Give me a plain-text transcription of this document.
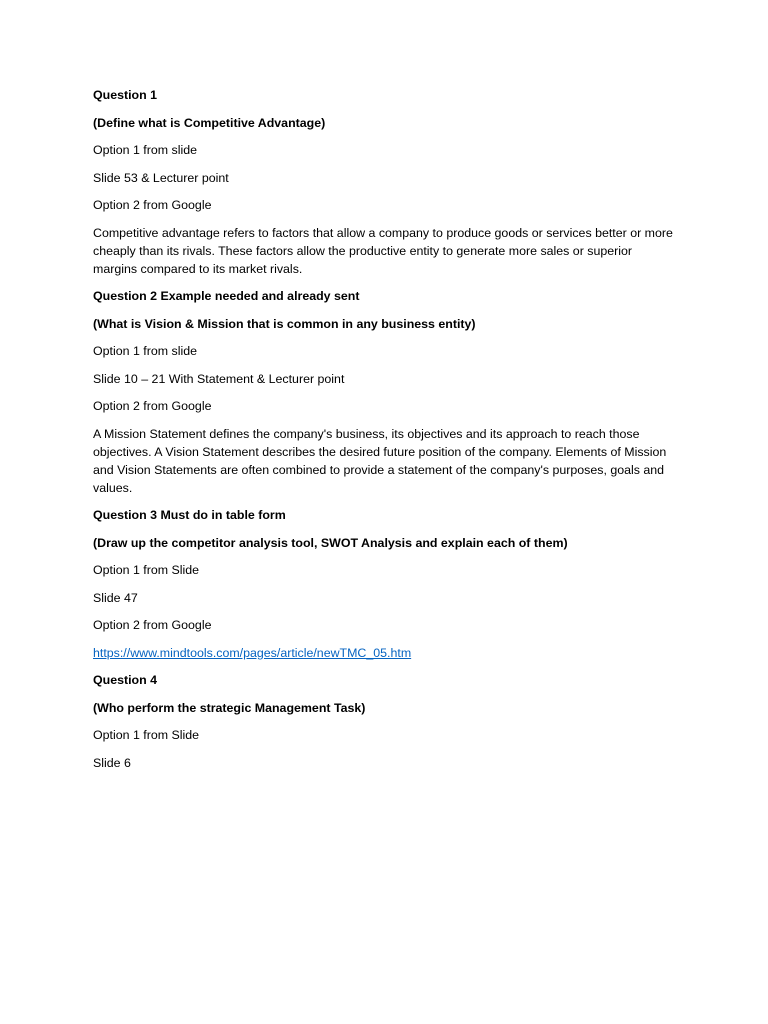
Question 1

(Define what is Competitive Advantage)

Option 1 from slide

Slide 53 & Lecturer point

Option 2 from Google

Competitive advantage refers to factors that allow a company to produce goods or services better or more cheaply than its rivals. These factors allow the productive entity to generate more sales or superior margins compared to its market rivals.

Question 2 Example needed and already sent

(What is Vision & Mission that is common in any business entity)

Option 1 from slide

Slide 10 – 21 With Statement & Lecturer point

Option 2 from Google

A Mission Statement defines the company's business, its objectives and its approach to reach those objectives. A Vision Statement describes the desired future position of the company. Elements of Mission and Vision Statements are often combined to provide a statement of the company's purposes, goals and values.

Question 3 Must do in table form

(Draw up the competitor analysis tool, SWOT Analysis and explain each of them)

Option 1 from Slide

Slide 47

Option 2 from Google

https://www.mindtools.com/pages/article/newTMC_05.htm

Question 4

(Who perform the strategic Management Task)

Option 1 from Slide

Slide 6
